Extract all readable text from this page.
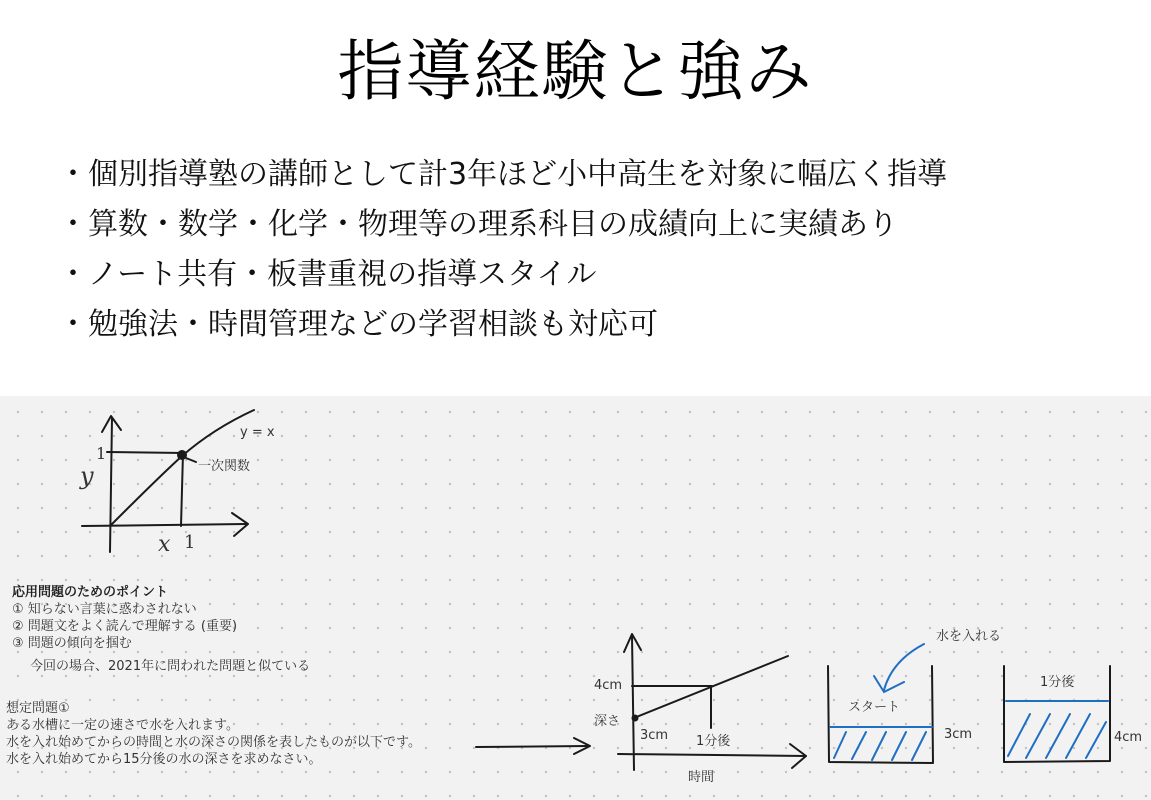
指導経験と強み
・個別指導塾の講師として計3年ほど小中高生を対象に幅広く指導
・算数・数学・化学・物理等の理系科目の成績向上に実績あり
・ノート共有・板書重視の指導スタイル
・勉強法・時間管理などの学習相談も対応可
y = x
一次関数
1
1
x
y
応用問題のためのポイント
① 知らない言葉に惑わされない
② 問題文をよく読んで理解する (重要)
③ 問題の傾向を掴む
今回の場合、2021年に問われた問題と似ている
想定問題①
ある水槽に一定の速さで水を入れます。
水を入れ始めてからの時間と水の深さの関係を表したものが以下です。
水を入れ始めてから15分後の水の深さを求めなさい。
4cm
深さ
3cm 1分後
時間
水を入れる
スタート
3cm
1分後
4cm
